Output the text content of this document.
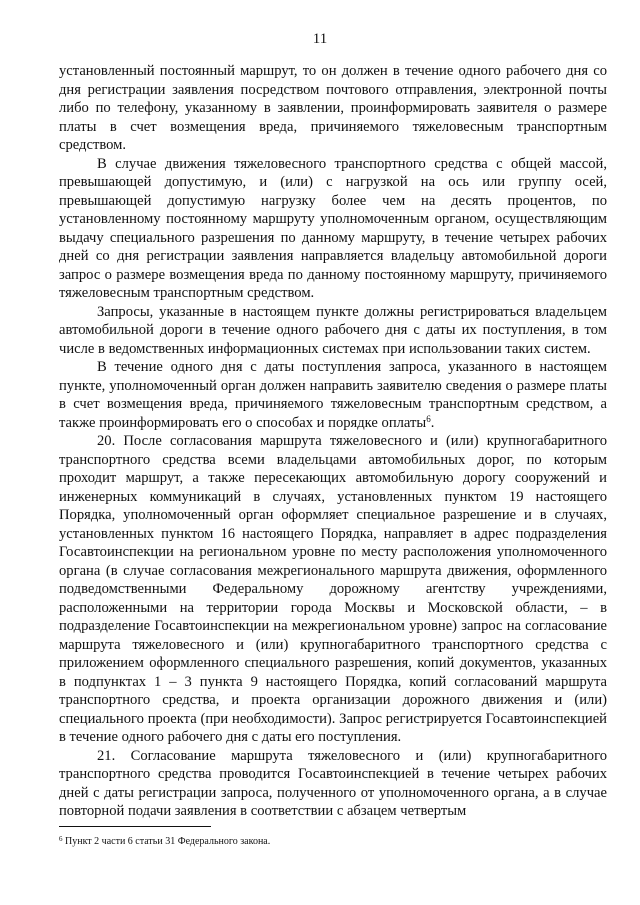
11

установленный постоянный маршрут, то он должен в течение одного рабочего дня со дня регистрации заявления посредством почтового отправления, электронной почты либо по телефону, указанному в заявлении, проинформировать заявителя о размере платы в счет возмещения вреда, причиняемого тяжеловесным транспортным средством.

В случае движения тяжеловесного транспортного средства с общей массой, превышающей допустимую, и (или) с нагрузкой на ось или группу осей, превышающей допустимую нагрузку более чем на десять процентов, по установленному постоянному маршруту уполномоченным органом, осуществляющим выдачу специального разрешения по данному маршруту, в течение четырех рабочих дней со дня регистрации заявления направляется владельцу автомобильной дороги запрос о размере возмещения вреда по данному постоянному маршруту, причиняемого тяжеловесным транспортным средством.

Запросы, указанные в настоящем пункте должны регистрироваться владельцем автомобильной дороги в течение одного рабочего дня с даты их поступления, в том числе в ведомственных информационных системах при использовании таких систем.

В течение одного дня с даты поступления запроса, указанного в настоящем пункте, уполномоченный орган должен направить заявителю сведения о размере платы в счет возмещения вреда, причиняемого тяжеловесным транспортным средством, а также проинформировать его о способах и порядке оплаты$^6$.

20. После согласования маршрута тяжеловесного и (или) крупногабаритного транспортного средства всеми владельцами автомобильных дорог, по которым проходит маршрут, а также пересекающих автомобильную дорогу сооружений и инженерных коммуникаций в случаях, установленных пунктом 19 настоящего Порядка, уполномоченный орган оформляет специальное разрешение и в случаях, установленных пунктом 16 настоящего Порядка, направляет в адрес подразделения Госавтоинспекции на региональном уровне по месту расположения уполномоченного органа (в случае согласования межрегионального маршрута движения, оформленного подведомственными Федеральному дорожному агентству учреждениями, расположенными на территории города Москвы и Московской области, – в подразделение Госавтоинспекции на межрегиональном уровне) запрос на согласование маршрута тяжеловесного и (или) крупногабаритного транспортного средства с приложением оформленного специального разрешения, копий документов, указанных в подпунктах 1 – 3 пункта 9 настоящего Порядка, копий согласований маршрута транспортного средства, и проекта организации дорожного движения и (или) специального проекта (при необходимости). Запрос регистрируется Госавтоинспекцией в течение одного рабочего дня с даты его поступления.

21. Согласование маршрута тяжеловесного и (или) крупногабаритного транспортного средства проводится Госавтоинспекцией в течение четырех рабочих дней с даты регистрации запроса, полученного от уполномоченного органа, а в случае повторной подачи заявления в соответствии с абзацем четвертым

$^6$ Пункт 2 части 6 статьи 31 Федерального закона.
